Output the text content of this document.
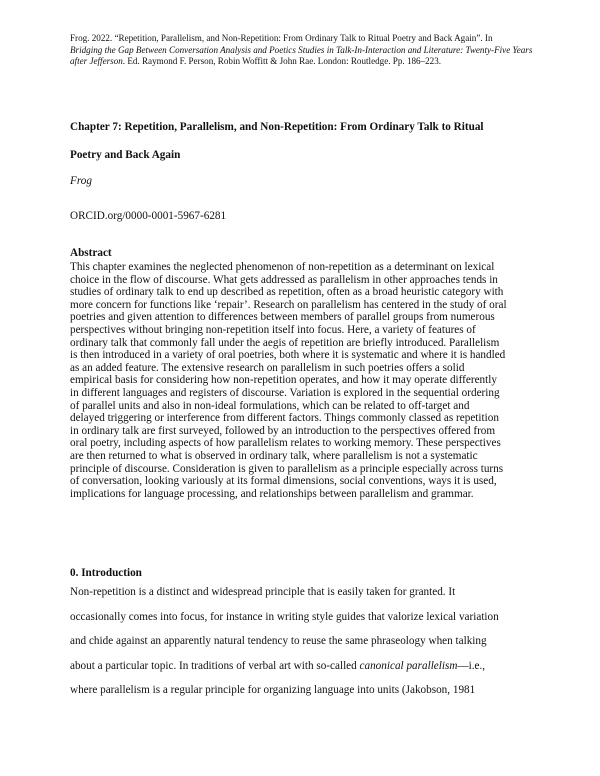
Frog. 2022. “Repetition, Parallelism, and Non-Repetition: From Ordinary Talk to Ritual Poetry and Back Again”. In
Bridging the Gap Between Conversation Analysis and Poetics Studies in Talk-In-Interaction and Literature: Twenty-Five Years after Jefferson. Ed. Raymond F. Person, Robin Woffitt & John Rae. London: Routledge. Pp. 186–223.
Chapter 7: Repetition, Parallelism, and Non-Repetition: From Ordinary Talk to Ritual
Poetry and Back Again
Frog
ORCID.org/0000-0001-5967-6281
Abstract
This chapter examines the neglected phenomenon of non-repetition as a determinant on lexical
choice in the flow of discourse. What gets addressed as parallelism in other approaches tends in
studies of ordinary talk to end up described as repetition, often as a broad heuristic category with
more concern for functions like ‘repair’. Research on parallelism has centered in the study of oral
poetries and given attention to differences between members of parallel groups from numerous
perspectives without bringing non-repetition itself into focus. Here, a variety of features of
ordinary talk that commonly fall under the aegis of repetition are briefly introduced. Parallelism
is then introduced in a variety of oral poetries, both where it is systematic and where it is handled
as an added feature. The extensive research on parallelism in such poetries offers a solid
empirical basis for considering how non-repetition operates, and how it may operate differently
in different languages and registers of discourse. Variation is explored in the sequential ordering
of parallel units and also in non-ideal formulations, which can be related to off-target and
delayed triggering or interference from different factors. Things commonly classed as repetition
in ordinary talk are first surveyed, followed by an introduction to the perspectives offered from
oral poetry, including aspects of how parallelism relates to working memory. These perspectives
are then returned to what is observed in ordinary talk, where parallelism is not a systematic
principle of discourse. Consideration is given to parallelism as a principle especially across turns
of conversation, looking variously at its formal dimensions, social conventions, ways it is used,
implications for language processing, and relationships between parallelism and grammar.
0. Introduction
Non-repetition is a distinct and widespread principle that is easily taken for granted. It
occasionally comes into focus, for instance in writing style guides that valorize lexical variation
and chide against an apparently natural tendency to reuse the same phraseology when talking
about a particular topic. In traditions of verbal art with so-called canonical parallelism—i.e.,
where parallelism is a regular principle for organizing language into units (Jakobson, 1981
